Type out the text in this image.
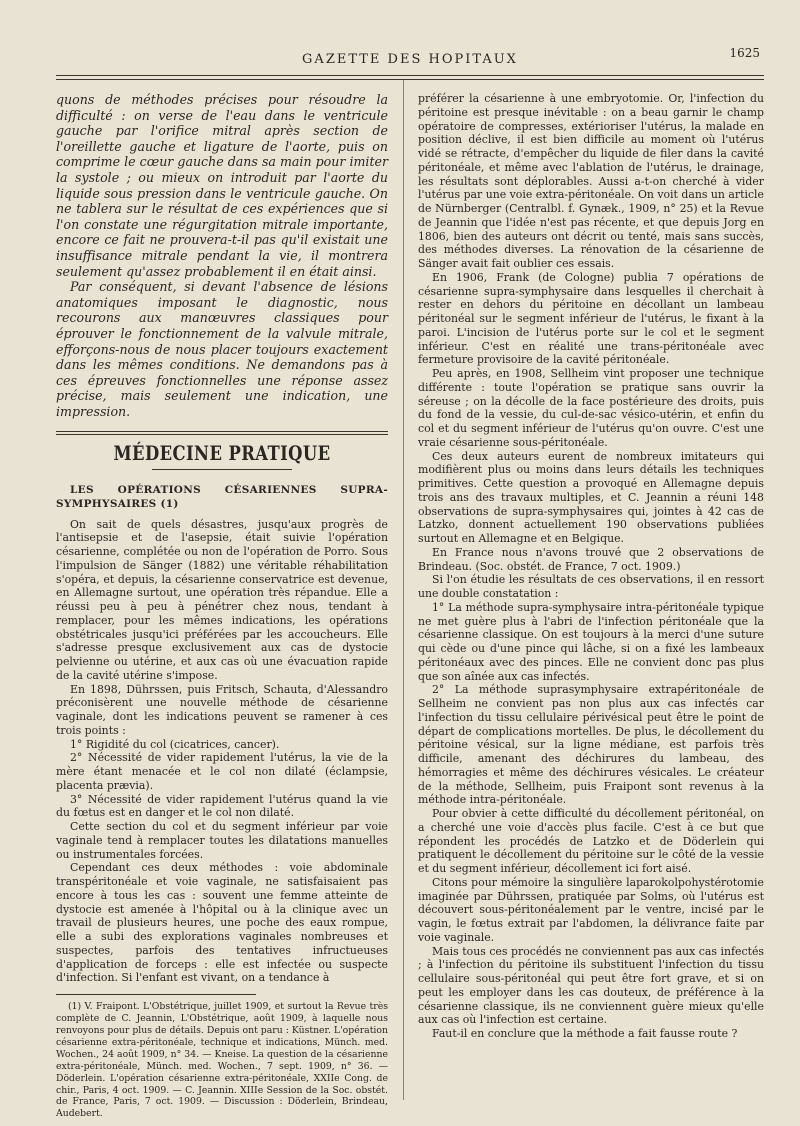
GAZETTE DES HOPITAUX	1625

quons de méthodes précises pour résoudre la difficulté : on verse de l'eau dans le ventricule gauche par l'orifice mitral après section de l'oreillette gauche et ligature de l'aorte, puis on comprime le cœur gauche dans sa main pour imiter la systole ; ou mieux on introduit par l'aorte du liquide sous pression dans le ventricule gauche. On ne tablera sur le résultat de ces expériences que si l'on constate une régurgitation mitrale importante, encore ce fait ne prouvera-t-il pas qu'il existait une insuffisance mitrale pendant la vie, il montrera seulement qu'assez probablement il en était ainsi.

Par conséquent, si devant l'absence de lésions anatomiques imposant le diagnostic, nous recourons aux manœuvres classiques pour éprouver le fonctionnement de la valvule mitrale, efforçons-nous de nous placer toujours exactement dans les mêmes conditions. Ne demandons pas à ces épreuves fonctionnelles une réponse assez précise, mais seulement une indication, une impression.

MÉDECINE PRATIQUE

LES OPÉRATIONS CÉSARIENNES SUPRA-SYMPHYSAIRES (1)

On sait de quels désastres, jusqu'aux progrès de l'antisepsie et de l'asepsie, était suivie l'opération césarienne, complétée ou non de l'opération de Porro. Sous l'impulsion de Sänger (1882) une véritable réhabilitation s'opéra, et depuis, la césarienne conservatrice est devenue, en Allemagne surtout, une opération très répandue. Elle a réussi peu à peu à pénétrer chez nous, tendant à remplacer, pour les mêmes indications, les opérations obstétricales jusqu'ici préférées par les accoucheurs. Elle s'adresse presque exclusivement aux cas de dystocie pelvienne ou utérine, et aux cas où une évacuation rapide de la cavité utérine s'impose.

En 1898, Dührssen, puis Fritsch, Schauta, d'Alessandro préconisèrent une nouvelle méthode de césarienne vaginale, dont les indications peuvent se ramener à ces trois points :

1° Rigidité du col (cicatrices, cancer).

2° Nécessité de vider rapidement l'utérus, la vie de la mère étant menacée et le col non dilaté (éclampsie, placenta prævia).

3° Nécessité de vider rapidement l'utérus quand la vie du fœtus est en danger et le col non dilaté.

Cette section du col et du segment inférieur par voie vaginale tend à remplacer toutes les dilatations manuelles ou instrumentales forcées.

Cependant ces deux méthodes : voie abdominale transpéritonéale et voie vaginale, ne satisfaisaient pas encore à tous les cas : souvent une femme atteinte de dystocie est amenée à l'hôpital ou à la clinique avec un travail de plusieurs heures, une poche des eaux rompue, elle a subi des explorations vaginales nombreuses et suspectes, parfois des tentatives infructueuses d'application de forceps : elle est infectée ou suspecte d'infection. Si l'enfant est vivant, on a tendance à

(1) V. Fraipont. L'Obstétrique, juillet 1909, et surtout la Revue très complète de C. Jeannin, L'Obstétrique, août 1909, à laquelle nous renvoyons pour plus de détails. Depuis ont paru : Küstner. L'opération césarienne extra-péritonéale, technique et indications, Münch. med. Wochen., 24 août 1909, n° 34. — Kneise. La question de la césarienne extra-péritonéale, Münch. med. Wochen., 7 sept. 1909, n° 36. — Döderlein. L'opération césarienne extra-péritonéale, XXIIe Cong. de chir., Paris, 4 oct. 1909. — C. Jeannin. XIIIe Session de la Soc. obstét. de France, Paris, 7 oct. 1909. — Discussion : Döderlein, Brindeau, Audebert.

préférer la césarienne à une embryotomie. Or, l'infection du péritoine est presque inévitable : on a beau garnir le champ opératoire de compresses, extérioriser l'utérus, la malade en position déclive, il est bien difficile au moment où l'utérus vidé se rétracte, d'empêcher du liquide de filer dans la cavité péritonéale, et même avec l'ablation de l'utérus, le drainage, les résultats sont déplorables. Aussi a-t-on cherché à vider l'utérus par une voie extra-péritonéale. On voit dans un article de Nürnberger (Centralbl. f. Gynæk., 1909, n° 25) et la Revue de Jeannin que l'idée n'est pas récente, et que depuis Jorg en 1806, bien des auteurs ont décrit ou tenté, mais sans succès, des méthodes diverses. La rénovation de la césarienne de Sänger avait fait oublier ces essais.

En 1906, Frank (de Cologne) publia 7 opérations de césarienne supra-symphysaire dans lesquelles il cherchait à rester en dehors du péritoine en décollant un lambeau péritonéal sur le segment inférieur de l'utérus, le fixant à la paroi. L'incision de l'utérus porte sur le col et le segment inférieur. C'est en réalité une trans-péritonéale avec fermeture provisoire de la cavité péritonéale.

Peu après, en 1908, Sellheim vint proposer une technique différente : toute l'opération se pratique sans ouvrir la séreuse ; on la décolle de la face postérieure des droits, puis du fond de la vessie, du cul-de-sac vésico-utérin, et enfin du col et du segment inférieur de l'utérus qu'on ouvre. C'est une vraie césarienne sous-péritonéale.

Ces deux auteurs eurent de nombreux imitateurs qui modifièrent plus ou moins dans leurs détails les techniques primitives. Cette question a provoqué en Allemagne depuis trois ans des travaux multiples, et C. Jeannin a réuni 148 observations de supra-symphysaires qui, jointes à 42 cas de Latzko, donnent actuellement 190 observations publiées surtout en Allemagne et en Belgique.

En France nous n'avons trouvé que 2 observations de Brindeau. (Soc. obstét. de France, 7 oct. 1909.)

Si l'on étudie les résultats de ces observations, il en ressort une double constatation :

1° La méthode supra-symphysaire intra-péritonéale typique ne met guère plus à l'abri de l'infection péritonéale que la césarienne classique. On est toujours à la merci d'une suture qui cède ou d'une pince qui lâche, si on a fixé les lambeaux péritonéaux avec des pinces. Elle ne convient donc pas plus que son aînée aux cas infectés.

2° La méthode suprasymphysaire extrapéritonéale de Sellheim ne convient pas non plus aux cas infectés car l'infection du tissu cellulaire périvésical peut être le point de départ de complications mortelles. De plus, le décollement du péritoine vésical, sur la ligne médiane, est parfois très difficile, amenant des déchirures du lambeau, des hémorragies et même des déchirures vésicales. Le créateur de la méthode, Sellheim, puis Fraipont sont revenus à la méthode intra-péritonéale.

Pour obvier à cette difficulté du décollement péritonéal, on a cherché une voie d'accès plus facile. C'est à ce but que répondent les procédés de Latzko et de Döderlein qui pratiquent le décollement du péritoine sur le côté de la vessie et du segment inférieur, décollement ici fort aisé.

Citons pour mémoire la singulière laparokolpohystérotomie imaginée par Dührssen, pratiquée par Solms, où l'utérus est découvert sous-péritonéalement par le ventre, incisé par le vagin, le fœtus extrait par l'abdomen, la délivrance faite par voie vaginale.

Mais tous ces procédés ne conviennent pas aux cas infectés ; à l'infection du péritoine ils substituent l'infection du tissu cellulaire sous-péritonéal qui peut être fort grave, et si on peut les employer dans les cas douteux, de préférence à la césarienne classique, ils ne conviennent guère mieux qu'elle aux cas où l'infection est certaine.

Faut-il en conclure que la méthode a fait fausse route ?
